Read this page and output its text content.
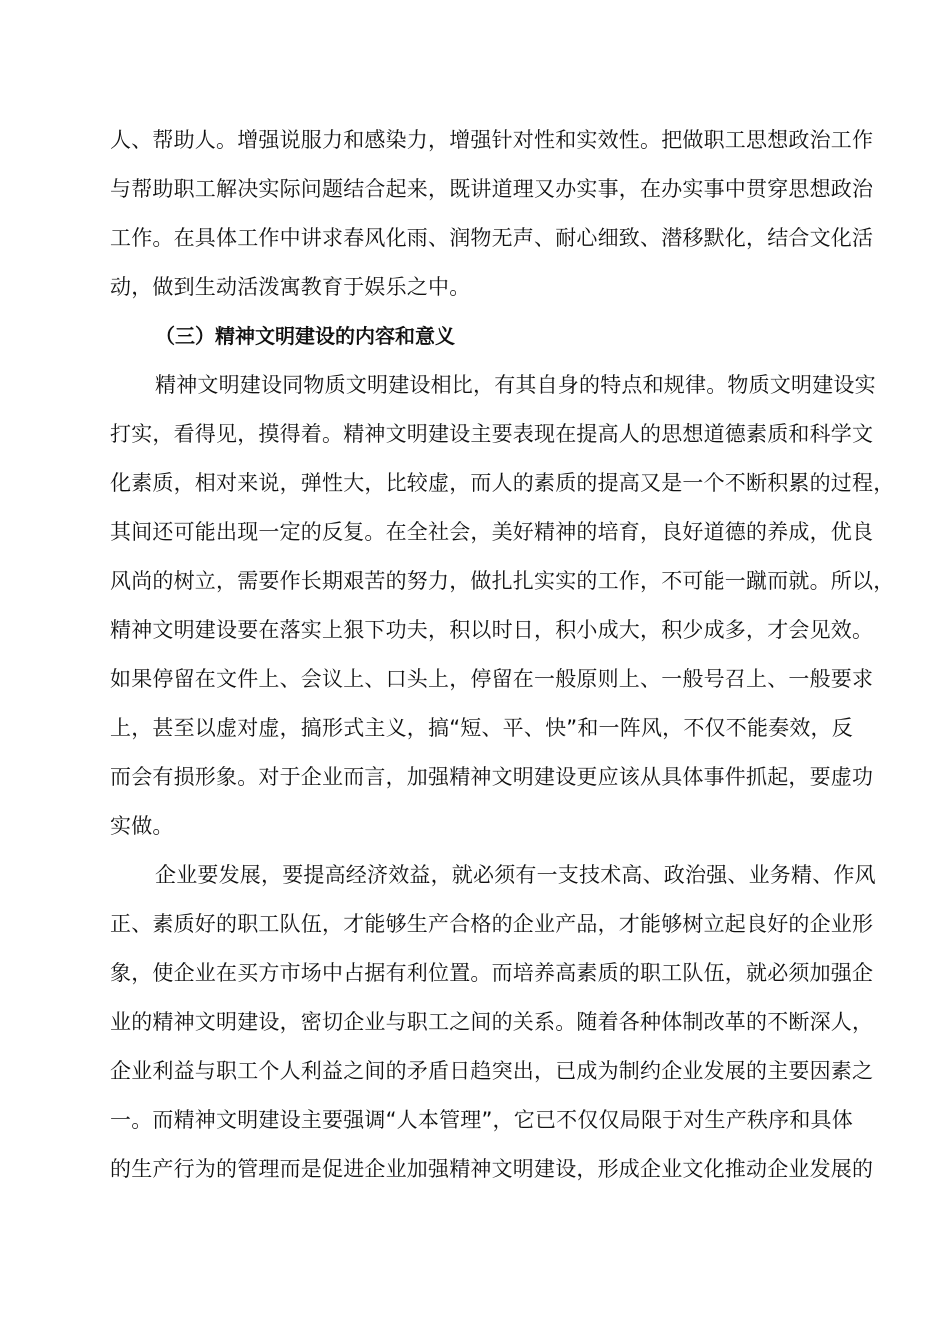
人、帮助人。增强说服力和感染力，增强针对性和实效性。把做职工思想政治工作
与帮助职工解决实际问题结合起来，既讲道理又办实事，在办实事中贯穿思想政治
工作。在具体工作中讲求春风化雨、润物无声、耐心细致、潜移默化，结合文化活
动，做到生动活泼寓教育于娱乐之中。
（三）精神文明建设的内容和意义
精神文明建设同物质文明建设相比，有其自身的特点和规律。物质文明建设实
打实，看得见，摸得着。精神文明建设主要表现在提高人的思想道德素质和科学文
化素质，相对来说，弹性大，比较虚，而人的素质的提高又是一个不断积累的过程，
其间还可能出现一定的反复。在全社会，美好精神的培育，良好道德的养成，优良
风尚的树立，需要作长期艰苦的努力，做扎扎实实的工作，不可能一蹴而就。所以，
精神文明建设要在落实上狠下功夫，积以时日，积小成大，积少成多，才会见效。
如果停留在文件上、会议上、口头上，停留在一般原则上、一般号召上、一般要求
上，甚至以虚对虚，搞形式主义，搞“短、平、快”和一阵风，不仅不能奏效，反
而会有损形象。对于企业而言，加强精神文明建设更应该从具体事件抓起，要虚功
实做。
企业要发展，要提高经济效益，就必须有一支技术高、政治强、业务精、作风
正、素质好的职工队伍，才能够生产合格的企业产品，才能够树立起良好的企业形
象，使企业在买方市场中占据有利位置。而培养高素质的职工队伍，就必须加强企
业的精神文明建设，密切企业与职工之间的关系。随着各种体制改革的不断深人，
企业利益与职工个人利益之间的矛盾日趋突出，已成为制约企业发展的主要因素之
一。而精神文明建设主要强调“人本管理”，它已不仅仅局限于对生产秩序和具体
的生产行为的管理而是促进企业加强精神文明建设，形成企业文化推动企业发展的
